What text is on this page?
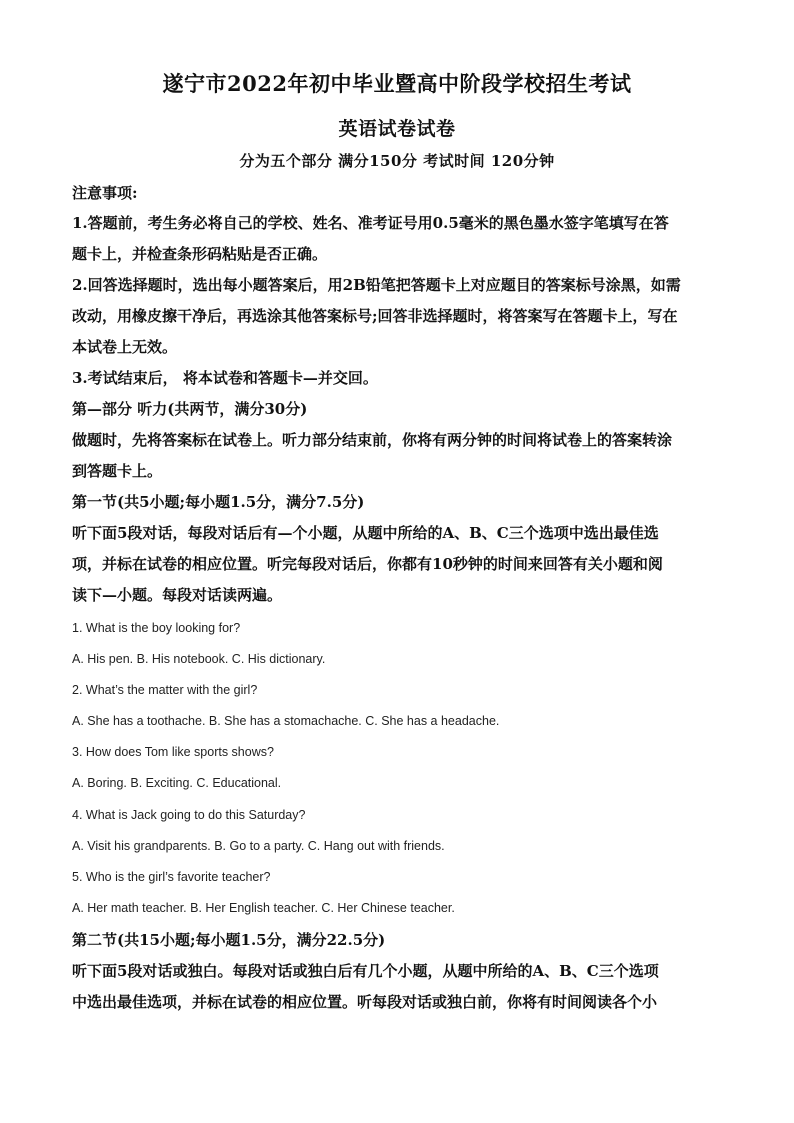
遂宁市2022年初中毕业暨高中阶段学校招生考试
英语试卷试卷
分为五个部分 满分150分 考试时间 120分钟
注意事项:
1.答题前，考生务必将自己的学校、姓名、准考证号用0.5毫米的黑色墨水签字笔填写在答
题卡上，并检查条形码粘贴是否正确。
2.回答选择题时，选出每小题答案后，用2B铅笔把答题卡上对应题目的答案标号涂黑，如需
改动，用橡皮擦干净后，再选涂其他答案标号;回答非选择题时，将答案写在答题卡上，写在
本试卷上无效。
3.考试结束后， 将本试卷和答题卡—并交回。
第—部分 听力(共两节，满分30分)
做题时，先将答案标在试卷上。听力部分结束前，你将有两分钟的时间将试卷上的答案转涂
到答题卡上。
第一节(共5小题;每小题1.5分，满分7.5分)
听下面5段对话，每段对话后有—个小题，从题中所给的A、B、C三个选项中选出最佳选
项，并标在试卷的相应位置。听完每段对话后，你都有10秒钟的时间来回答有关小题和阅
读下—小题。每段对话读两遍。
1. What is the boy looking for?
A. His pen. B. His notebook. C. His dictionary.
2. What’s the matter with the girl?
A. She has a toothache. B. She has a stomachache. C. She has a headache.
3. How does Tom like sports shows?
A. Boring. B. Exciting. C. Educational.
4. What is Jack going to do this Saturday?
A. Visit his grandparents. B. Go to a party. C. Hang out with friends.
5. Who is the girl’s favorite teacher?
A. Her math teacher. B. Her English teacher. C. Her Chinese teacher.
第二节(共15小题;每小题1.5分，满分22.5分)
听下面5段对话或独白。每段对话或独白后有几个小题，从题中所给的A、B、C三个选项
中选出最佳选项，并标在试卷的相应位置。听每段对话或独白前，你将有时间阅读各个小
